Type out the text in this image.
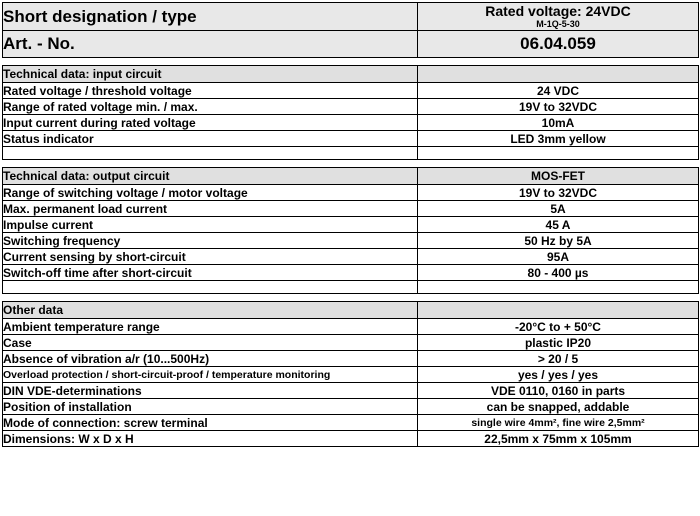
Short designation / type	Rated voltage: 24VDC
M-1Q-5-30

Art. - No.	06.04.059
Technical data: input circuit	
Rated voltage / threshold voltage	24 VDC
Range of rated voltage min. / max.	19V to 32VDC
Input current during rated voltage	10mA
Status indicator	LED 3mm yellow

Technical data: output circuit	MOS-FET
Range of switching voltage / motor voltage	19V to 32VDC
Max. permanent load current	5A
Impulse current	45 A
Switching frequency	50 Hz by 5A
Current sensing by short-circuit	95A
Switch-off time after short-circuit	80 - 400 µs

Other data	
Ambient temperature range	-20°C to + 50°C
Case	plastic IP20
Absence of vibration a/r (10...500Hz)	> 20 / 5
Overload protection / short-circuit-proof / temperature monitoring	yes / yes / yes
DIN VDE-determinations	VDE 0110, 0160 in parts
Position of installation	can be snapped, addable
Mode of connection: screw terminal	single wire 4mm², fine wire 2,5mm²
Dimensions: W x D x H	22,5mm x 75mm x 105mm
